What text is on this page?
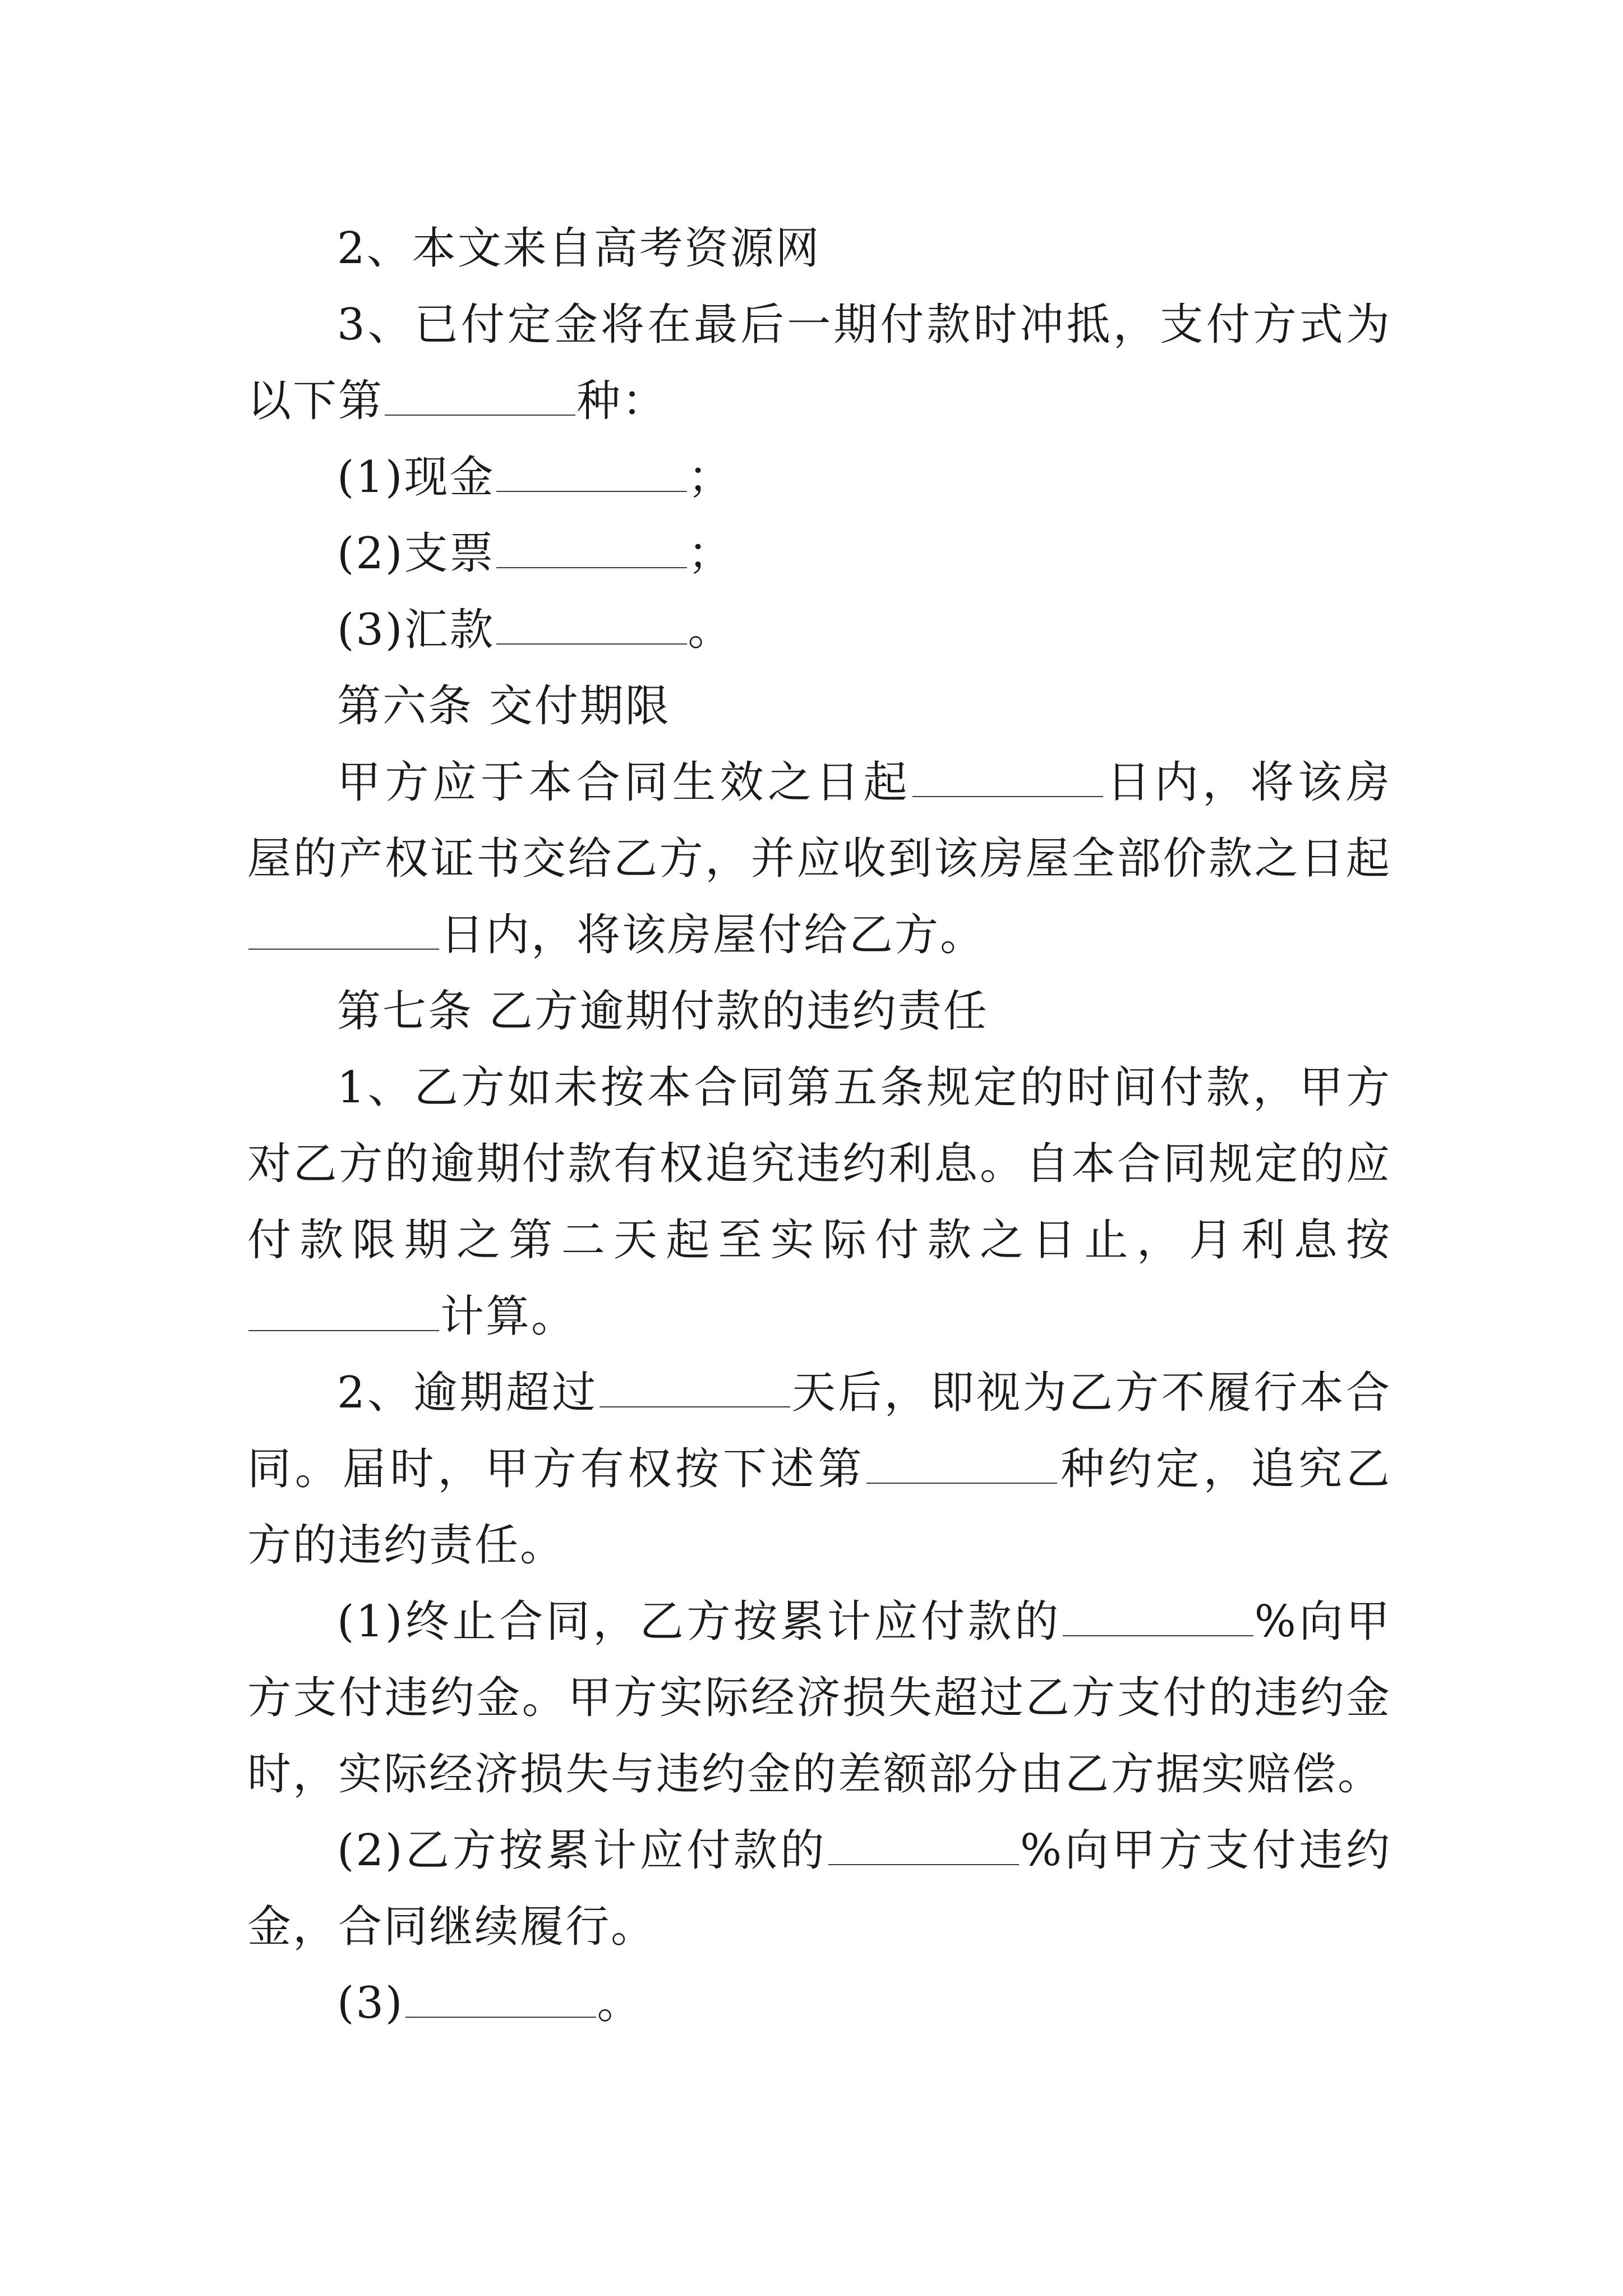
2、本文来自高考资源网

3、已付定金将在最后一期付款时冲抵，支付方式为以下第	种：

(1)现金	；

(2)支票	；

(3)汇款	。

第六条 交付期限

甲方应于本合同生效之日起	日内，将该房屋的产权证书交给乙方，并应收到该房屋全部价款之日起日内，将该房屋付给乙方。

第七条 乙方逾期付款的违约责任

1、乙方如未按本合同第五条规定的时间付款，甲方对乙方的逾期付款有权追究违约利息。自本合同规定的应付款限期之第二天起至实际付款之日止，月利息按计算。

2、逾期超过	天后，即视为乙方不履行本合同。届时，甲方有权按下述第	种约定，追究乙方的违约责任。

(1)终止合同，乙方按累计应付款的	%向甲方支付违约金。甲方实际经济损失超过乙方支付的违约金时，实际经济损失与违约金的差额部分由乙方据实赔偿。

(2)乙方按累计应付款的	%向甲方支付违约金，合同继续履行。

(3)	。
